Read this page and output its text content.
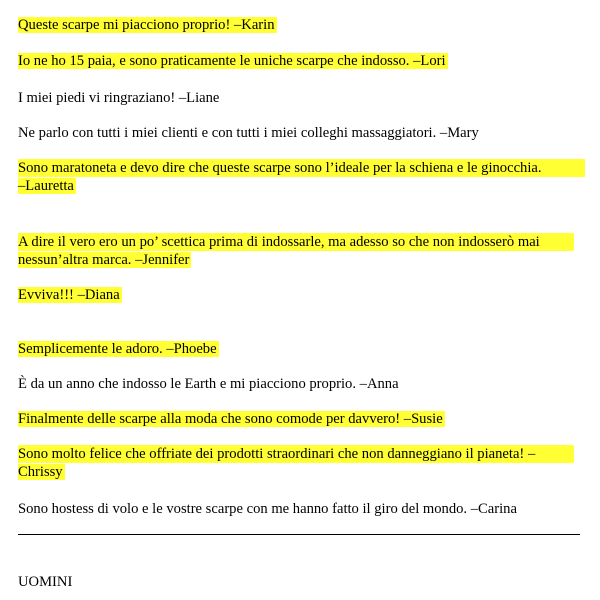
Queste scarpe mi piacciono proprio! –Karin
Io ne ho 15 paia, e sono praticamente le uniche scarpe che indosso. –Lori
I miei piedi vi ringraziano! –Liane
Ne parlo con tutti i miei clienti e con tutti i miei colleghi massaggiatori. –Mary
Sono maratoneta e devo dire che queste scarpe sono l’ideale per la schiena e le ginocchia.
–Lauretta
A dire il vero ero un po’ scettica prima di indossarle, ma adesso so che non indosserò mai
nessun’altra marca. –Jennifer
Evviva!!! –Diana
Semplicemente le adoro. –Phoebe
È da un anno che indosso le Earth e mi piacciono proprio. –Anna
Finalmente delle scarpe alla moda che sono comode per davvero! –Susie
Sono molto felice che offriate dei prodotti straordinari che non danneggiano il pianeta! –
Chrissy
Sono hostess di volo e le vostre scarpe con me hanno fatto il giro del mondo. –Carina
UOMINI
